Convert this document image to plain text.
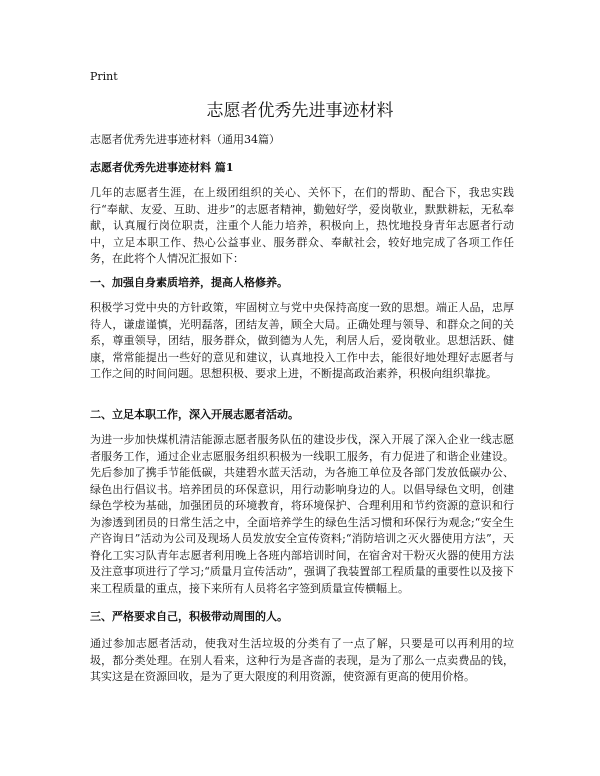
Print
志愿者优秀先进事迹材料
志愿者优秀先进事迹材料（通用34篇）
志愿者优秀先进事迹材料 篇1

几年的志愿者生涯，在上级团组织的关心、关怀下，在们的帮助、配合下，我忠实践行“奉献、友爱、互助、进步”的志愿者精神，勤勉好学，爱岗敬业，默默耕耘，无私奉献，认真履行岗位职责，注重个人能力培养，积极向上，热忱地投身青年志愿者行动中，立足本职工作、热心公益事业、服务群众、奉献社会，较好地完成了各项工作任务，在此将个人情况汇报如下：

一、加强自身素质培养，提高人格修养。

积极学习党中央的方针政策，牢固树立与党中央保持高度一致的思想。端正人品，忠厚待人，谦虚谨慎，光明磊落，团结友善，顾全大局。正确处理与领导、和群众之间的关系，尊重领导，团结，服务群众，做到德为人先，利居人后，爱岗敬业。思想活跃、健康，常常能提出一些好的意见和建议，认真地投入工作中去，能很好地处理好志愿者与工作之间的时间问题。思想积极、要求上进，不断提高政治素养，积极向组织靠拢。

二、立足本职工作，深入开展志愿者活动。

为进一步加快煤机清洁能源志愿者服务队伍的建设步伐，深入开展了深入企业一线志愿者服务工作，通过企业志愿服务组织积极为一线职工服务，有力促进了和谐企业建设。先后参加了携手节能低碳，共建碧水蓝天活动，为各施工单位及各部门发放低碳办公、绿色出行倡议书。培养团员的环保意识，用行动影响身边的人。以倡导绿色文明，创建绿色学校为基础，加强团员的环境教育，将环境保护、合理利用和节约资源的意识和行为渗透到团员的日常生活之中，全面培养学生的绿色生活习惯和环保行为观念;“安全生产咨询日”活动为公司及现场人员发放安全宣传资料;“消防培训之灭火器使用方法”，天脊化工实习队青年志愿者利用晚上各班内部培训时间，在宿舍对干粉灭火器的使用方法及注意事项进行了学习;“质量月宣传活动”，强调了我装置部工程质量的重要性以及接下来工程质量的重点，接下来所有人员将名字签到质量宣传横幅上。

三、严格要求自己，积极带动周围的人。

通过参加志愿者活动，使我对生活垃圾的分类有了一点了解，只要是可以再利用的垃圾，都分类处理。在别人看来，这种行为是吝啬的表现，是为了那么一点卖费品的钱，其实这是在资源回收，是为了更大限度的利用资源，使资源有更高的使用价格。
